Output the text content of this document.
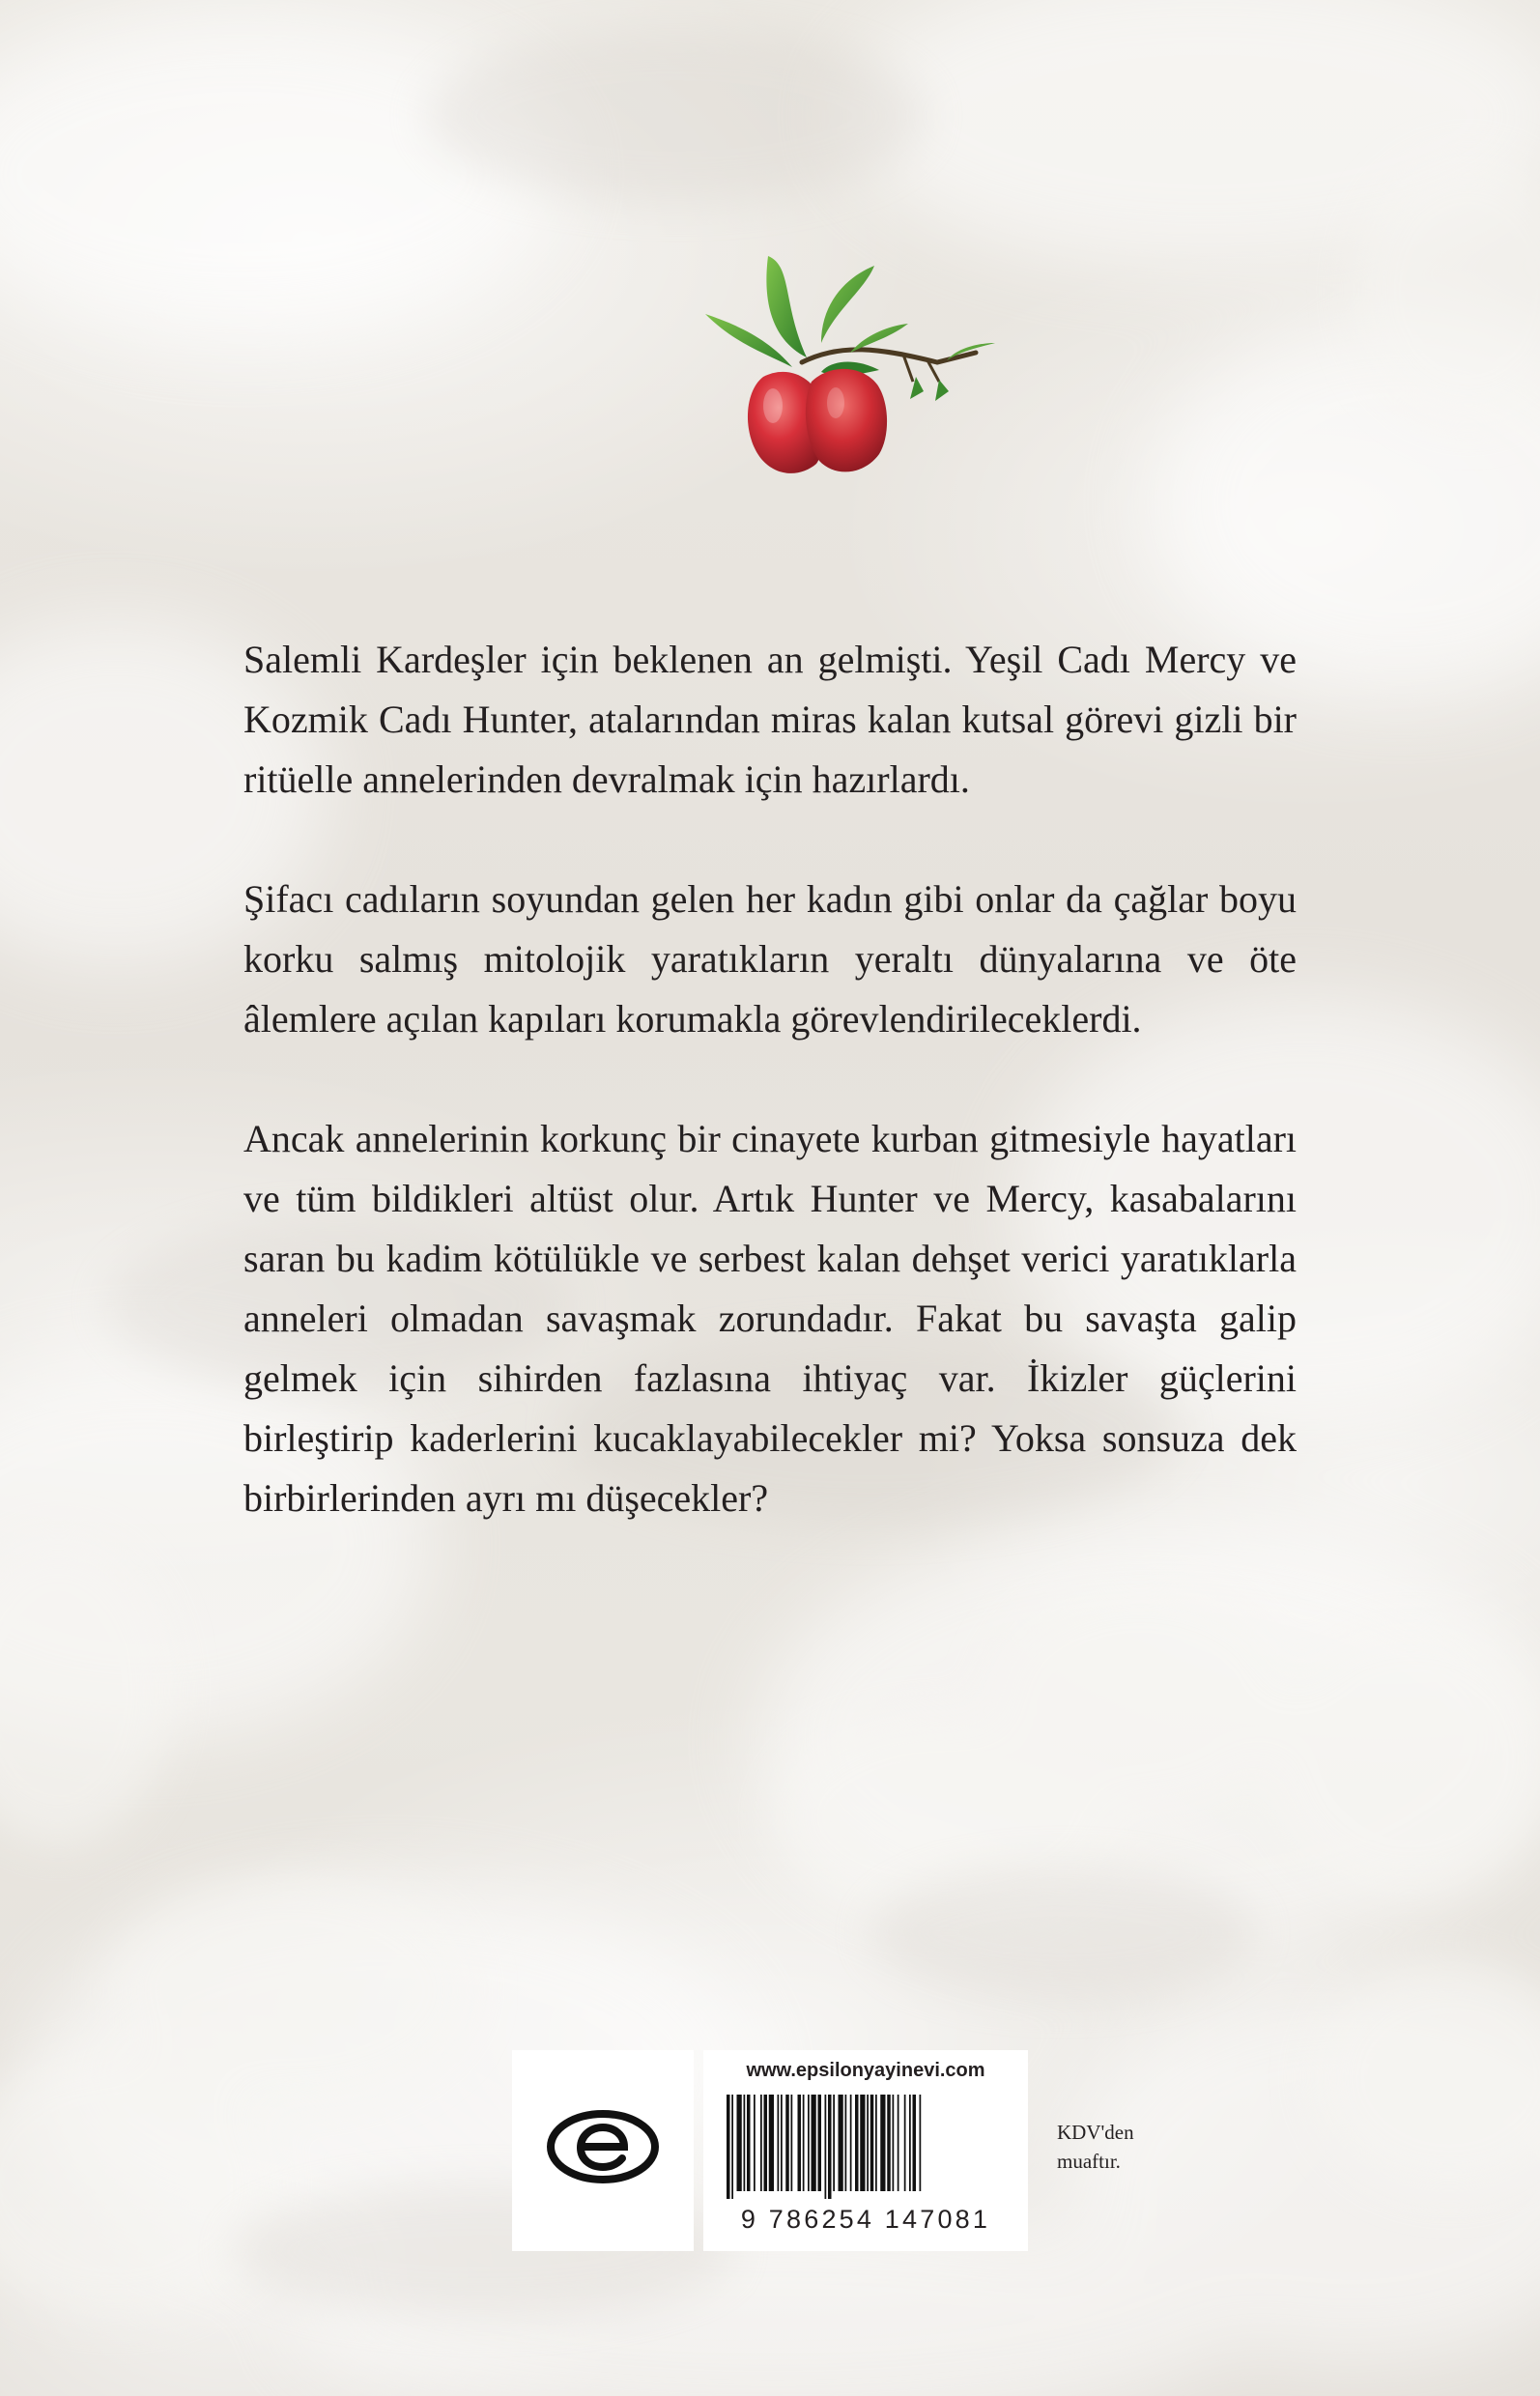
Salemli Kardeşler için beklenen an gelmişti. Yeşil Cadı Mercy ve Kozmik Cadı Hunter, atalarından miras kalan kutsal görevi gizli bir ritüelle annelerinden devralmak için hazırlardı.

Şifacı cadıların soyundan gelen her kadın gibi onlar da çağlar boyu korku salmış mitolojik yaratıkların yeraltı dünyalarına ve öte âlemlere açılan kapıları korumakla görevlendirileceklerdi.

Ancak annelerinin korkunç bir cinayete kurban gitmesiyle hayatları ve tüm bildikleri altüst olur. Artık Hunter ve Mercy, kasabalarını saran bu kadim kötülükle ve serbest kalan dehşet verici yaratıklarla anneleri olmadan savaşmak zorundadır. Fakat bu savaşta galip gelmek için sihirden fazlasına ihtiyaç var. İkizler güçlerini birleştirip kaderlerini kucaklayabilecekler mi? Yoksa sonsuza dek birbirlerinden ayrı mı düşecekler?

www.epsilonyayinevi.com
9 786254 147081
KDV'den
muaftır.
